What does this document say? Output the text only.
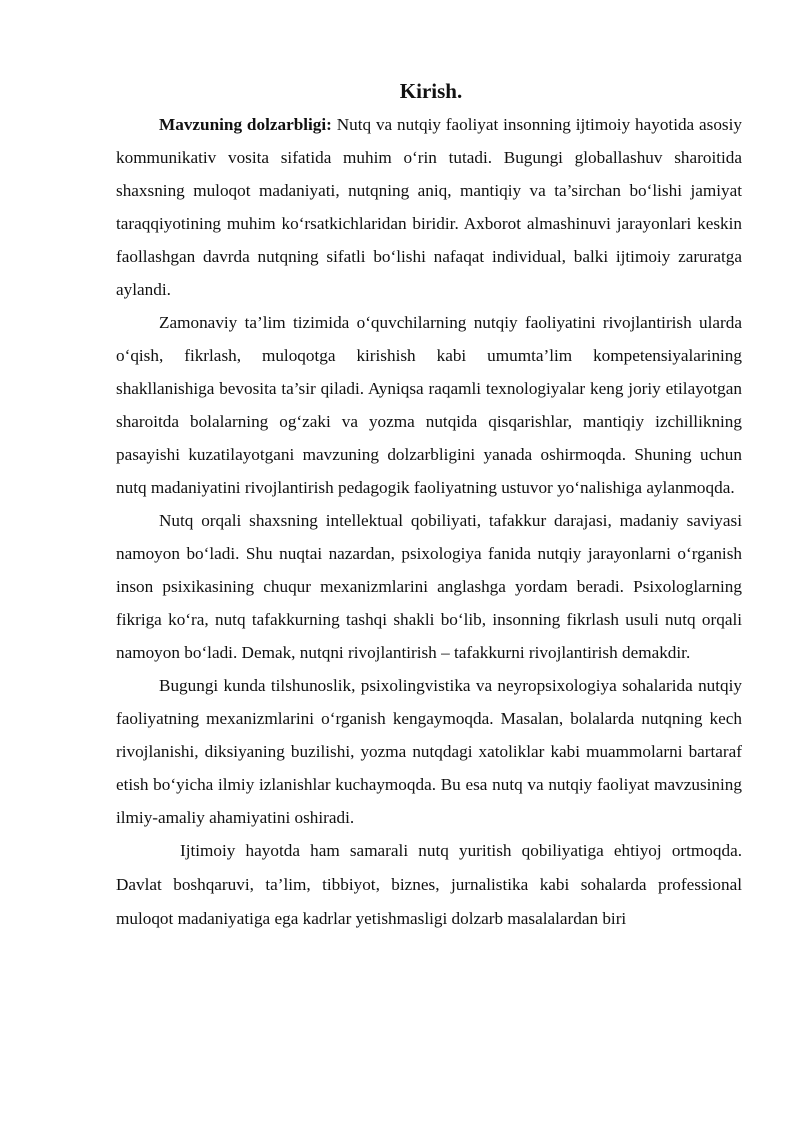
Kirish.

Mavzuning dolzarbligi: Nutq va nutqiy faoliyat insonning ijtimoiy hayotida asosiy kommunikativ vosita sifatida muhim o‘rin tutadi. Bugungi globallashuv sharoitida shaxsning muloqot madaniyati, nutqning aniq, mantiqiy va ta’sirchan bo‘lishi jamiyat taraqqiyotining muhim ko‘rsatkichlaridan biridir. Axborot almashinuvi jarayonlari keskin faollashgan davrda nutqning sifatli bo‘lishi nafaqat individual, balki ijtimoiy zaruratga aylandi.

Zamonaviy ta’lim tizimida o‘quvchilarning nutqiy faoliyatini rivojlantirish ularda o‘qish, fikrlash, muloqotga kirishish kabi umumta’lim kompetensiyalarining shakllanishiga bevosita ta’sir qiladi. Ayniqsa raqamli texnologiyalar keng joriy etilayotgan sharoitda bolalarning og‘zaki va yozma nutqida qisqarishlar, mantiqiy izchillikning pasayishi kuzatilayotgani mavzuning dolzarbligini yanada oshirmoqda. Shuning uchun nutq madaniyatini rivojlantirish pedagogik faoliyatning ustuvor yo‘nalishiga aylanmoqda.

Nutq orqali shaxsning intellektual qobiliyati, tafakkur darajasi, madaniy saviyasi namoyon bo‘ladi. Shu nuqtai nazardan, psixologiya fanida nutqiy jarayonlarni o‘rganish inson psixikasining chuqur mexanizmlarini anglashga yordam beradi. Psixologlarning fikriga ko‘ra, nutq tafakkurning tashqi shakli bo‘lib, insonning fikrlash usuli nutq orqali namoyon bo‘ladi. Demak, nutqni rivojlantirish – tafakkurni rivojlantirish demakdir.

Bugungi kunda tilshunoslik, psixolingvistika va neyropsixologiya sohalarida nutqiy faoliyatning mexanizmlarini o‘rganish kengaymoqda. Masalan, bolalarda nutqning kech rivojlanishi, diksiyaning buzilishi, yozma nutqdagi xatoliklar kabi muammolarni bartaraf etish bo‘yicha ilmiy izlanishlar kuchaymoqda. Bu esa nutq va nutqiy faoliyat mavzusining ilmiy-amaliy ahamiyatini oshiradi.

Ijtimoiy hayotda ham samarali nutq yuritish qobiliyatiga ehtiyoj ortmoqda. Davlat boshqaruvi, ta’lim, tibbiyot, biznes, jurnalistika kabi sohalarda professional muloqot madaniyatiga ega kadrlar yetishmasligi dolzarb masalalardan biri
